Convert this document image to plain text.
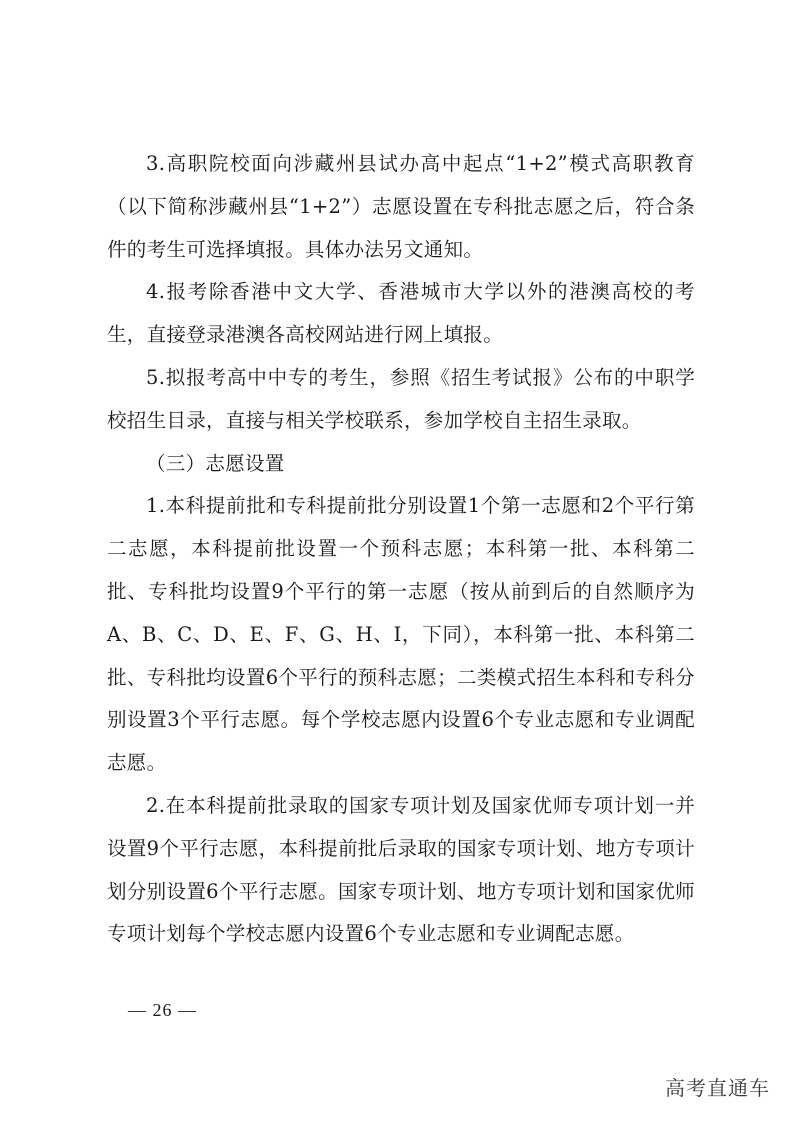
3.高职院校面向涉藏州县试办高中起点“1+2”模式高职教育（以下简称涉藏州县“1+2”）志愿设置在专科批志愿之后，符合条件的考生可选择填报。具体办法另文通知。

4.报考除香港中文大学、香港城市大学以外的港澳高校的考生，直接登录港澳各高校网站进行网上填报。

5.拟报考高中中专的考生，参照《招生考试报》公布的中职学校招生目录，直接与相关学校联系，参加学校自主招生录取。

（三）志愿设置

1.本科提前批和专科提前批分别设置1个第一志愿和2个平行第二志愿，本科提前批设置一个预科志愿；本科第一批、本科第二批、专科批均设置9个平行的第一志愿（按从前到后的自然顺序为A、B、C、D、E、F、G、H、I，下同），本科第一批、本科第二批、专科批均设置6个平行的预科志愿；二类模式招生本科和专科分别设置3个平行志愿。每个学校志愿内设置6个专业志愿和专业调配志愿。

2.在本科提前批录取的国家专项计划及国家优师专项计划一并设置9个平行志愿，本科提前批后录取的国家专项计划、地方专项计划分别设置6个平行志愿。国家专项计划、地方专项计划和国家优师专项计划每个学校志愿内设置6个专业志愿和专业调配志愿。

— 26 —
高考直通车
